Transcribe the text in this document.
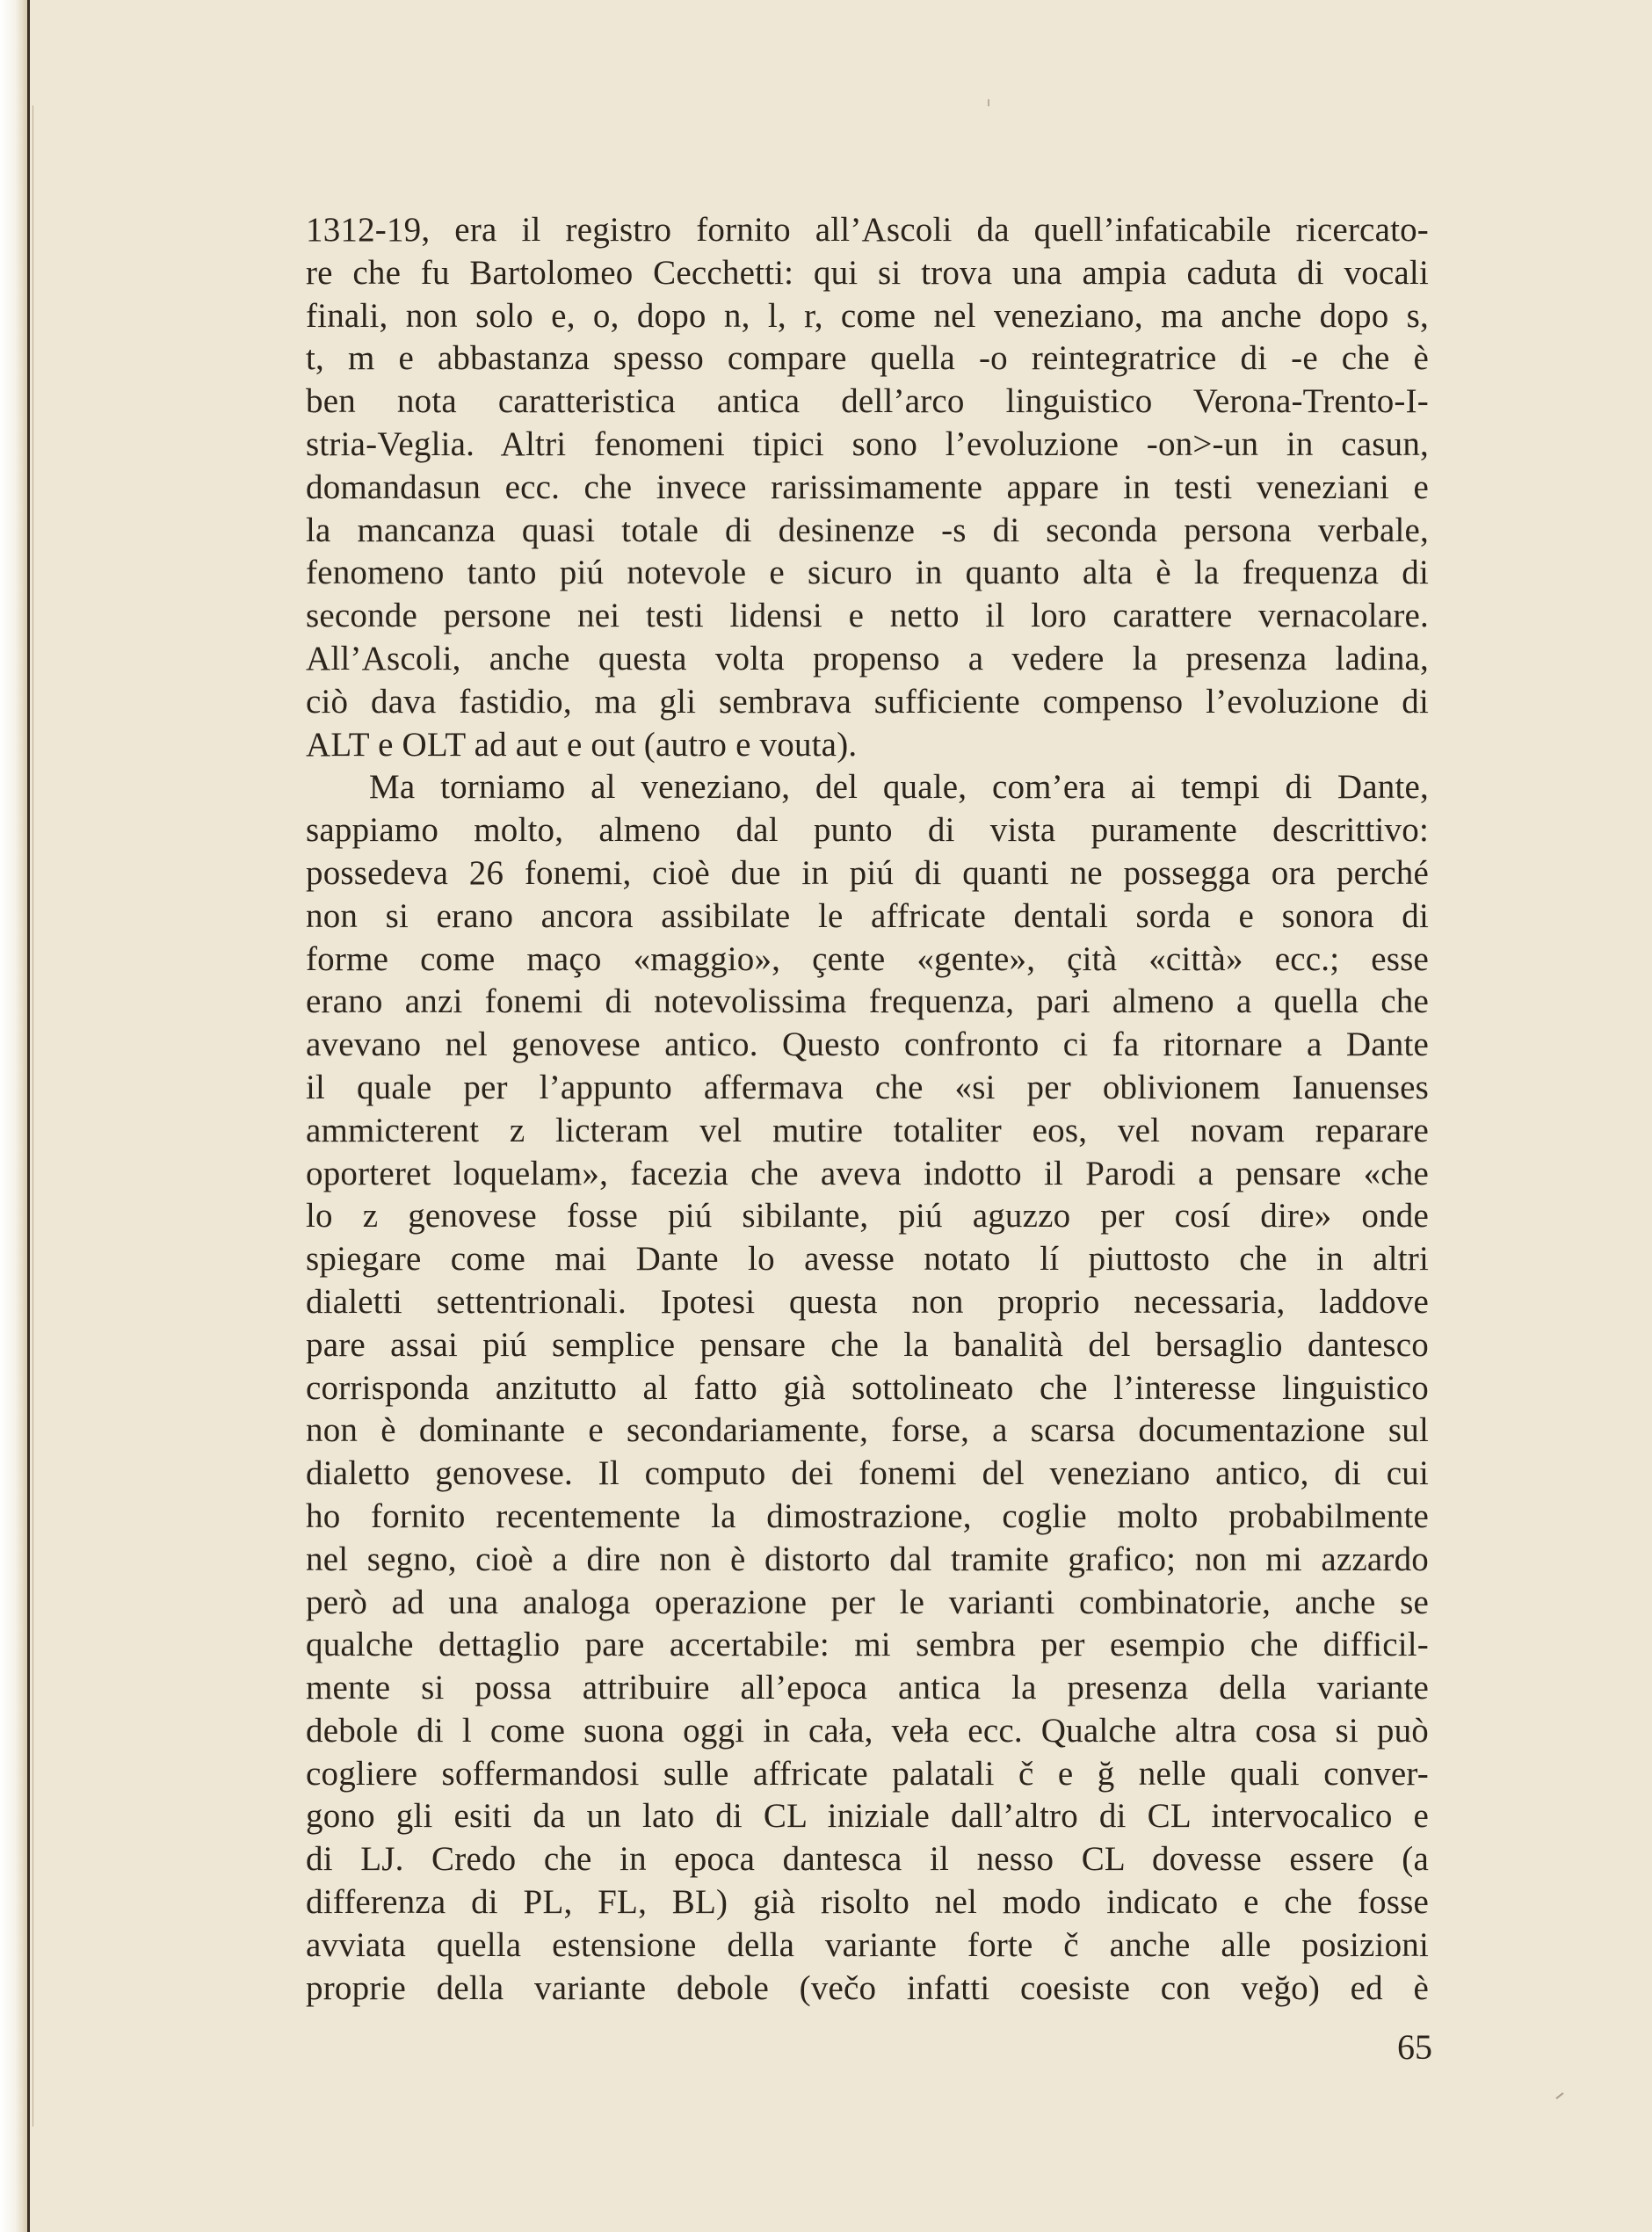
1312-19, era il registro fornito all’Ascoli da quell’infaticabile ricercato-
re che fu Bartolomeo Cecchetti: qui si trova una ampia caduta di vocali
finali, non solo e, o, dopo n, l, r, come nel veneziano, ma anche dopo s,
t, m e abbastanza spesso compare quella -o reintegratrice di -e che è
ben nota caratteristica antica dell’arco linguistico Verona-Trento-I-
stria-Veglia. Altri fenomeni tipici sono l’evoluzione -on>-un in casun,
domandasun ecc. che invece rarissimamente appare in testi veneziani e
la mancanza quasi totale di desinenze -s di seconda persona verbale,
fenomeno tanto piú notevole e sicuro in quanto alta è la frequenza di
seconde persone nei testi lidensi e netto il loro carattere vernacolare.
All’Ascoli, anche questa volta propenso a vedere la presenza ladina,
ciò dava fastidio, ma gli sembrava sufficiente compenso l’evoluzione di
ALT e OLT ad aut e out (autro e vouta).
Ma torniamo al veneziano, del quale, com’era ai tempi di Dante,
sappiamo molto, almeno dal punto di vista puramente descrittivo:
possedeva 26 fonemi, cioè due in piú di quanti ne possegga ora perché
non si erano ancora assibilate le affricate dentali sorda e sonora di
forme come maço «maggio», çente «gente», çità «città» ecc.; esse
erano anzi fonemi di notevolissima frequenza, pari almeno a quella che
avevano nel genovese antico. Questo confronto ci fa ritornare a Dante
il quale per l’appunto affermava che «si per oblivionem Ianuenses
ammicterent z licteram vel mutire totaliter eos, vel novam reparare
oporteret loquelam», facezia che aveva indotto il Parodi a pensare «che
lo z genovese fosse piú sibilante, piú aguzzo per cosí dire» onde
spiegare come mai Dante lo avesse notato lí piuttosto che in altri
dialetti settentrionali. Ipotesi questa non proprio necessaria, laddove
pare assai piú semplice pensare che la banalità del bersaglio dantesco
corrisponda anzitutto al fatto già sottolineato che l’interesse linguistico
non è dominante e secondariamente, forse, a scarsa documentazione sul
dialetto genovese. Il computo dei fonemi del veneziano antico, di cui
ho fornito recentemente la dimostrazione, coglie molto probabilmente
nel segno, cioè a dire non è distorto dal tramite grafico; non mi azzardo
però ad una analoga operazione per le varianti combinatorie, anche se
qualche dettaglio pare accertabile: mi sembra per esempio che difficil-
mente si possa attribuire all’epoca antica la presenza della variante
debole di l come suona oggi in cała, veła ecc. Qualche altra cosa si può
cogliere soffermandosi sulle affricate palatali č e ğ nelle quali conver-
gono gli esiti da un lato di CL iniziale dall’altro di CL intervocalico e
di LJ. Credo che in epoca dantesca il nesso CL dovesse essere (a
differenza di PL, FL, BL) già risolto nel modo indicato e che fosse
avviata quella estensione della variante forte č anche alle posizioni
proprie della variante debole (večo infatti coesiste con veğo) ed è
65
